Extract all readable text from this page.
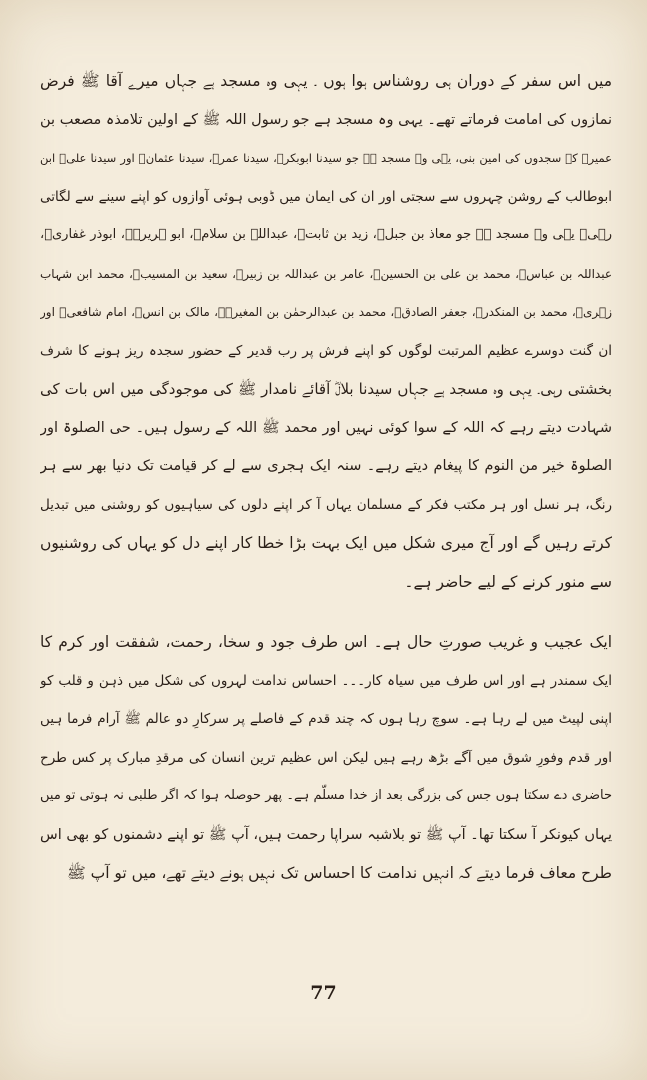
میں اس سفر کے دوران ہی روشناس ہوا ہوں ۔ یہی وہ مسجد ہے جہاں میرے آقا ﷺ فرض
نمازوں کی امامت فرماتے تھے۔ یہی وہ مسجد ہے جو رسول اللہ ﷺ کے اولین تلامذہ مصعب بن
عمیرؓ کے سجدوں کی امین بنی، یہی وہ مسجد ہے جو سیدنا ابوبکرؓ، سیدنا عمرؓ، سیدنا عثمانؓ اور سیدنا علیؓ ابن
ابوطالب کے روشن چہروں سے سجتی اور ان کی ایمان میں ڈوبی ہوئی آوازوں کو اپنے سینے سے لگاتی
رہی۔ یہی وہ مسجد ہے جو معاذ بن جبلؓ، زید بن ثابتؓ، عبداللہ بن سلامؓ، ابو ہریرہؓ، ابوذر غفاریؓ،
عبداللہ بن عباسؓ، محمد بن علی بن الحسینؒ، عامر بن عبداللہ بن زبیرؒ، سعید بن المسیبؒ، محمد ابن شہاب
زہریؒ، محمد بن المنکدرؒ، جعفر الصادقؒ، محمد بن عبدالرحمٰن بن المغیرہؒ، مالک بن انسؒ، امام شافعیؒ اور
ان گنت دوسرے عظیم المرتبت لوگوں کو اپنے فرش پر رب قدیر کے حضور سجدہ ریز ہونے کا شرف
بخشتی رہی۔ یہی وہ مسجد ہے جہاں سیدنا بلالؓ آقائے نامدار ﷺ کی موجودگی میں اس بات کی
شہادت دیتے رہے کہ اللہ کے سوا کوئی نہیں اور محمد ﷺ اللہ کے رسول ہیں۔ حی الصلوۃ اور
الصلوۃ خیر من النوم کا پیغام دیتے رہے۔ سنہ ایک ہجری سے لے کر قیامت تک دنیا بھر سے ہر
رنگ، ہر نسل اور ہر مکتب فکر کے مسلمان یہاں آ کر اپنے دلوں کی سیاہیوں کو روشنی میں تبدیل
کرتے رہیں گے اور آج میری شکل میں ایک بہت بڑا خطا کار اپنے دل کو یہاں کی روشنیوں
سے منور کرنے کے لیے حاضر ہے۔
ایک عجیب و غریب صورتِ حال ہے۔ اس طرف جود و سخا، رحمت، شفقت اور کرم کا
ایک سمندر ہے اور اس طرف میں سیاہ کار۔۔۔ احساس ندامت لہروں کی شکل میں ذہن و قلب کو
اپنی لپیٹ میں لے رہا ہے۔ سوچ رہا ہوں کہ چند قدم کے فاصلے پر سرکارِ دو عالم ﷺ آرام فرما ہیں
اور قدم وفورِ شوق میں آگے بڑھ رہے ہیں لیکن اس عظیم ترین انسان کی مرقدِ مبارک پر کس طرح
حاضری دے سکتا ہوں جس کی بزرگی بعد از خدا مسلّم ہے۔ پھر حوصلہ ہوا کہ اگر طلبی نہ ہوتی تو میں
یہاں کیونکر آ سکتا تھا۔ آپ ﷺ تو بلاشبہ سراپا رحمت ہیں، آپ ﷺ تو اپنے دشمنوں کو بھی اس
طرح معاف فرما دیتے کہ انہیں ندامت کا احساس تک نہیں ہونے دیتے تھے، میں تو آپ ﷺ
77
